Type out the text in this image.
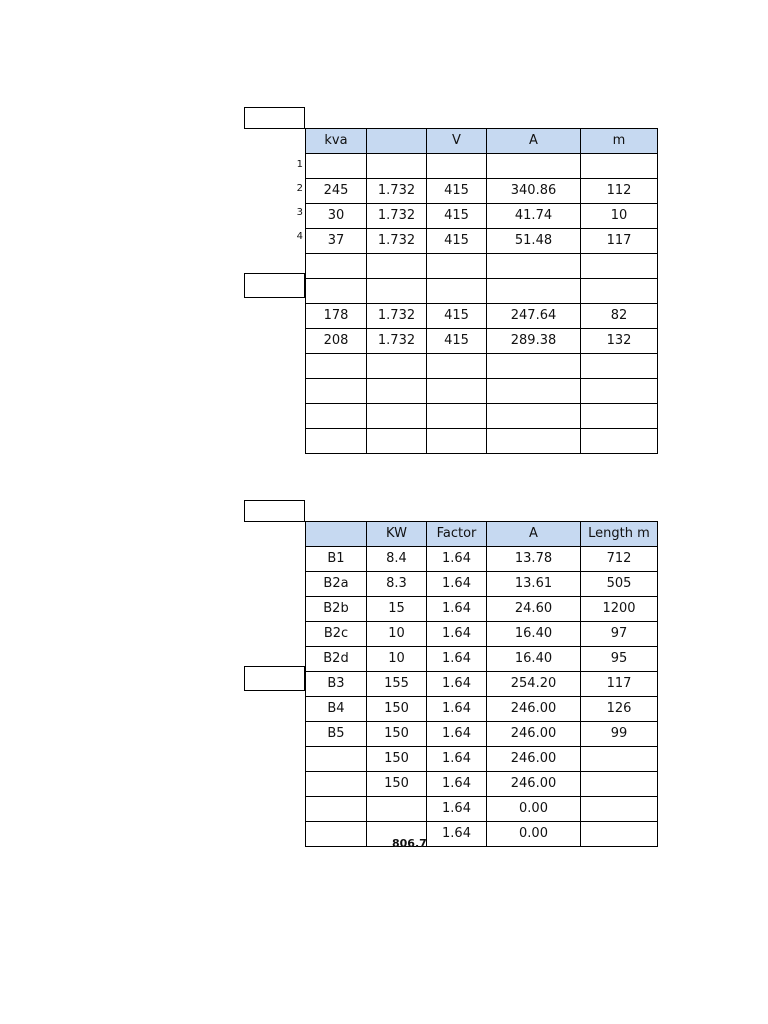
1
2
3
4
kva		V	A	m

245	1.732	415	340.86	112
30	1.732	415	41.74	10
37	1.732	415	51.48	117

178	1.732	415	247.64	82
208	1.732	415	289.38	132

	KW	Factor	A	Length m
B1	8.4	1.64	13.78	712
B2a	8.3	1.64	13.61	505
B2b	15	1.64	24.60	1200
B2c	10	1.64	16.40	97
B2d	10	1.64	16.40	95
B3	155	1.64	254.20	117
B4	150	1.64	246.00	126
B5	150	1.64	246.00	99
	150	1.64	246.00	
	150	1.64	246.00	
		1.64	0.00	
		1.64	0.00	
806.7
